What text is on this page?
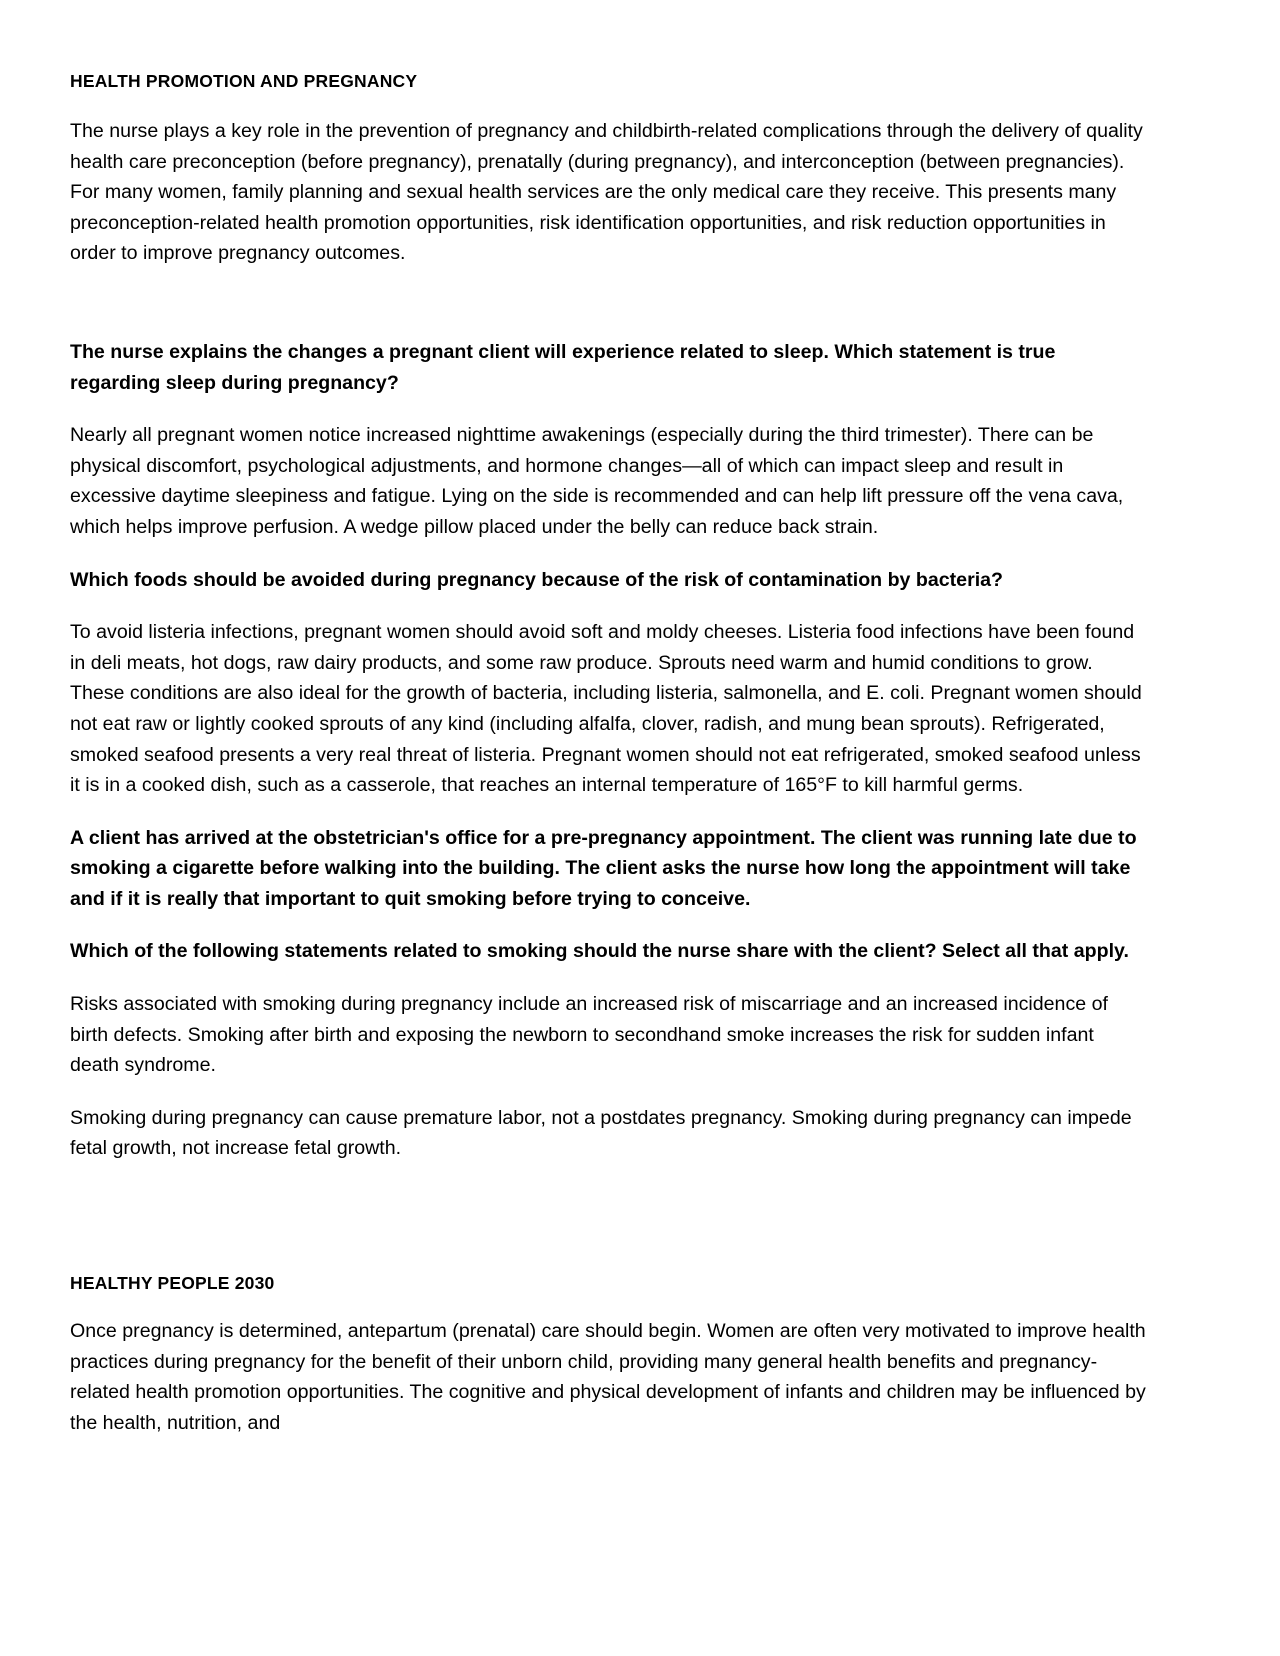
HEALTH PROMOTION AND PREGNANCY

The nurse plays a key role in the prevention of pregnancy and childbirth-related complications through the delivery of quality health care preconception (before pregnancy), prenatally (during pregnancy), and interconception (between pregnancies). For many women, family planning and sexual health services are the only medical care they receive. This presents many preconception-related health promotion opportunities, risk identification opportunities, and risk reduction opportunities in order to improve pregnancy outcomes.

The nurse explains the changes a pregnant client will experience related to sleep. Which statement is true regarding sleep during pregnancy?

Nearly all pregnant women notice increased nighttime awakenings (especially during the third trimester). There can be physical discomfort, psychological adjustments, and hormone changes—all of which can impact sleep and result in excessive daytime sleepiness and fatigue. Lying on the side is recommended and can help lift pressure off the vena cava, which helps improve perfusion. A wedge pillow placed under the belly can reduce back strain.

Which foods should be avoided during pregnancy because of the risk of contamination by bacteria?

To avoid listeria infections, pregnant women should avoid soft and moldy cheeses. Listeria food infections have been found in deli meats, hot dogs, raw dairy products, and some raw produce. Sprouts need warm and humid conditions to grow. These conditions are also ideal for the growth of bacteria, including listeria, salmonella, and E. coli. Pregnant women should not eat raw or lightly cooked sprouts of any kind (including alfalfa, clover, radish, and mung bean sprouts). Refrigerated, smoked seafood presents a very real threat of listeria. Pregnant women should not eat refrigerated, smoked seafood unless it is in a cooked dish, such as a casserole, that reaches an internal temperature of 165°F to kill harmful germs.

A client has arrived at the obstetrician's office for a pre-pregnancy appointment. The client was running late due to smoking a cigarette before walking into the building. The client asks the nurse how long the appointment will take and if it is really that important to quit smoking before trying to conceive.

Which of the following statements related to smoking should the nurse share with the client? Select all that apply.

Risks associated with smoking during pregnancy include an increased risk of miscarriage and an increased incidence of birth defects. Smoking after birth and exposing the newborn to secondhand smoke increases the risk for sudden infant death syndrome.

Smoking during pregnancy can cause premature labor, not a postdates pregnancy. Smoking during pregnancy can impede fetal growth, not increase fetal growth.

HEALTHY PEOPLE 2030

Once pregnancy is determined, antepartum (prenatal) care should begin. Women are often very motivated to improve health practices during pregnancy for the benefit of their unborn child, providing many general health benefits and pregnancy-related health promotion opportunities. The cognitive and physical development of infants and children may be influenced by the health, nutrition, and
